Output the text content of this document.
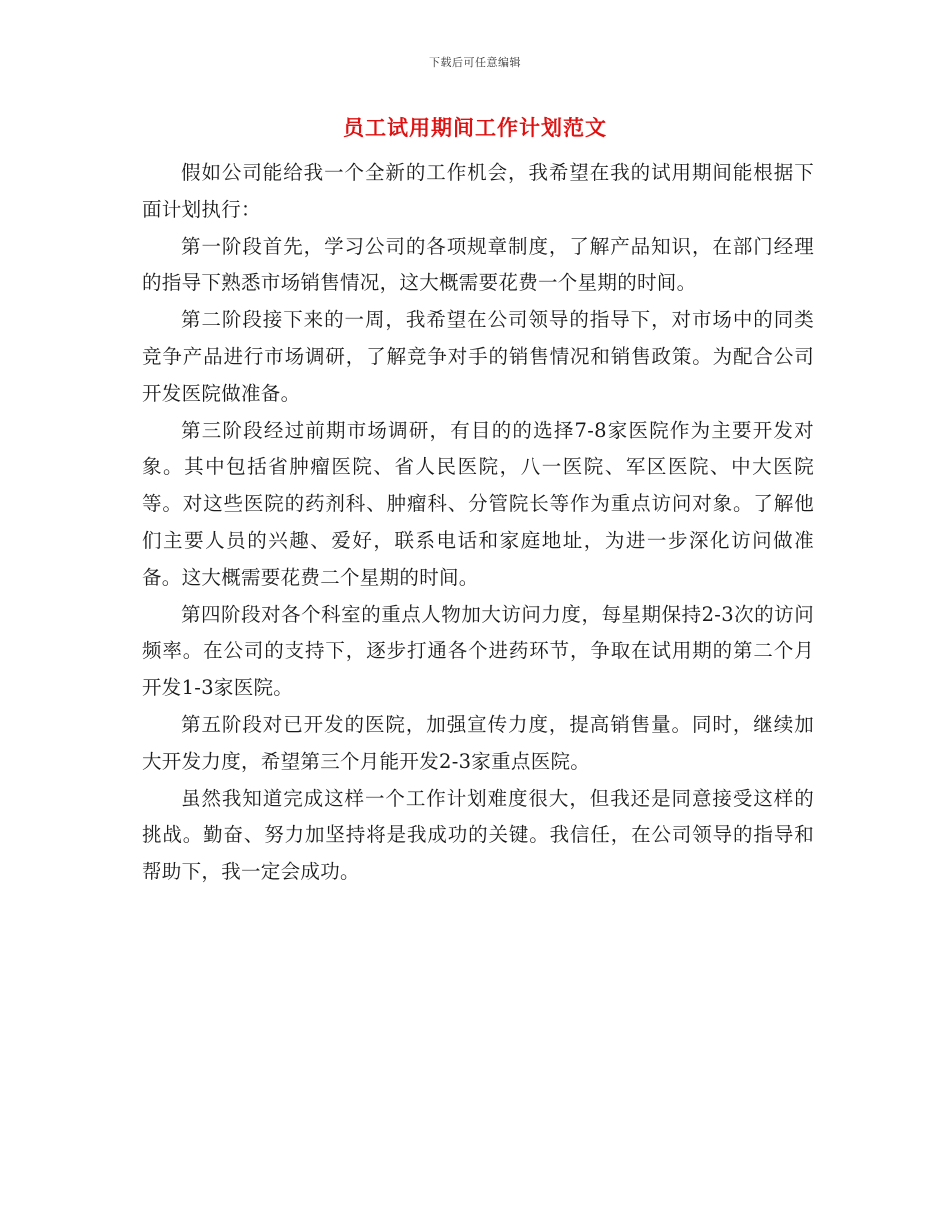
下载后可任意编辑
员工试用期间工作计划范文

假如公司能给我一个全新的工作机会，我希望在我的试用期间能根据下面计划执行：

第一阶段首先，学习公司的各项规章制度，了解产品知识，在部门经理的指导下熟悉市场销售情况，这大概需要花费一个星期的时间。

第二阶段接下来的一周，我希望在公司领导的指导下，对市场中的同类竞争产品进行市场调研，了解竞争对手的销售情况和销售政策。为配合公司开发医院做准备。

第三阶段经过前期市场调研，有目的的选择7-8家医院作为主要开发对象。其中包括省肿瘤医院、省人民医院，八一医院、军区医院、中大医院等。对这些医院的药剂科、肿瘤科、分管院长等作为重点访问对象。了解他们主要人员的兴趣、爱好，联系电话和家庭地址，为进一步深化访问做准备。这大概需要花费二个星期的时间。

第四阶段对各个科室的重点人物加大访问力度，每星期保持2-3次的访问频率。在公司的支持下，逐步打通各个进药环节，争取在试用期的第二个月开发1-3家医院。

第五阶段对已开发的医院，加强宣传力度，提高销售量。同时，继续加大开发力度，希望第三个月能开发2-3家重点医院。

虽然我知道完成这样一个工作计划难度很大，但我还是同意接受这样的挑战。勤奋、努力加坚持将是我成功的关键。我信任，在公司领导的指导和帮助下，我一定会成功。
